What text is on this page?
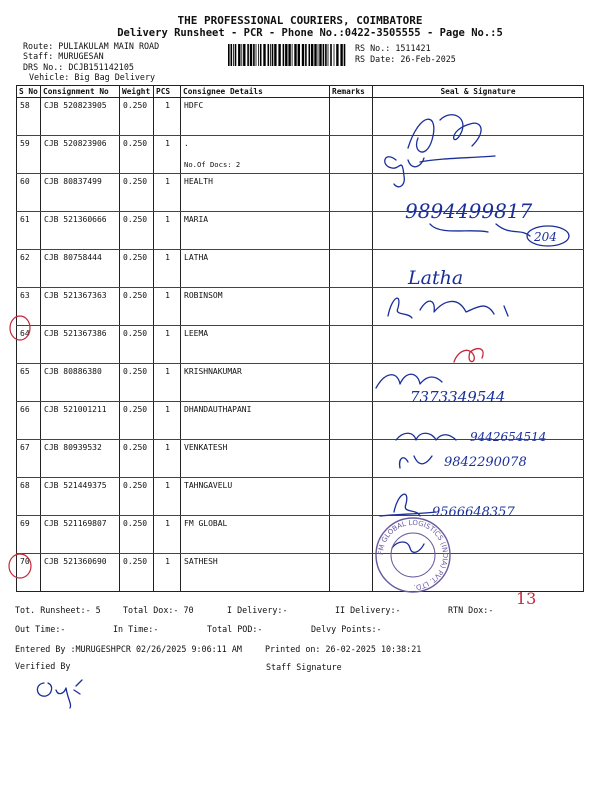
THE PROFESSIONAL COURIERS, COIMBATORE
Delivery Runsheet - PCR - Phone No.:0422-3505555 - Page No.:5
Route: PULIAKULAM MAIN ROAD
Staff: MURUGESAN
DRS No.: DCJB151142105
Vehicle: Big Bag Delivery
RS No.: 1511421
RS Date: 26-Feb-2025
S No	Consignment No	Weight	PCS	Consignee Details	Remarks	Seal & Signature
58	CJB 520823905	0.250	1	HDFC		
59	CJB 520823906	0.250	1	.
No.Of Docs: 2		

60	CJB 80837499	0.250	1	HEALTH		
61	CJB 521360666	0.250	1	MARIA		
62	CJB 80758444	0.250	1	LATHA		
63	CJB 521367363	0.250	1	ROBINSOM		
64	CJB 521367386	0.250	1	LEEMA		
65	CJB 80886380	0.250	1	KRISHNAKUMAR		
66	CJB 521001211	0.250	1	DHANDAUTHAPANI		
67	CJB 80939532	0.250	1	VENKATESH		
68	CJB 521449375	0.250	1	TAHNGAVELU		
69	CJB 521169807	0.250	1	FM GLOBAL		
70	CJB 521360690	0.250	1	SATHESH		
9894499817
204
Latha
7373349544
9442654514
9842290078
9566648357
13
FM GLOBAL LOGISTICS (INDIA) PVT. LTD.
Tot. Runsheet:- 5	Total Dox:- 70	I Delivery:-	II Delivery:-	RTN Dox:-
Out Time:-	In Time:-	Total POD:-	Delvy Points:-
Entered By :MURUGESHPCR 02/26/2025 9:06:11 AM	Printed on: 26-02-2025 10:38:21
Verified By	Staff Signature
